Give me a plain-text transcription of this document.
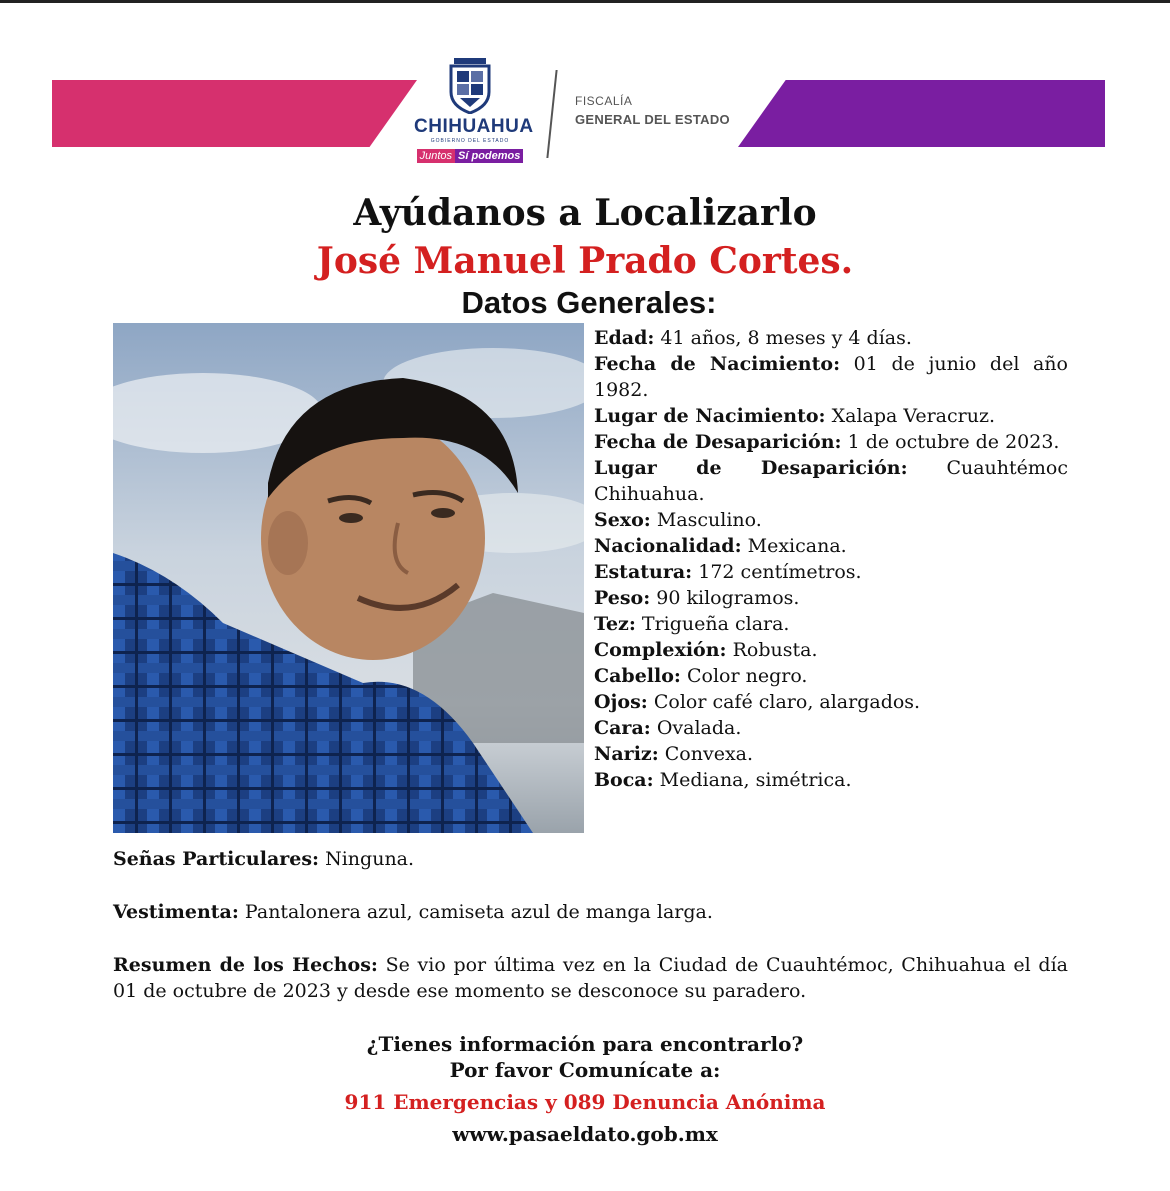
CHIHUAHUA
GOBIERNO DEL ESTADO
Juntos Sí podemos
FISCALÍA
GENERAL DEL ESTADO
Ayúdanos a Localizarlo
José Manuel Prado Cortes.
Datos Generales:

Edad: 41 años, 8 meses y 4 días.

Fecha de Nacimiento: 01 de junio del año 1982.

Lugar de Nacimiento: Xalapa Veracruz.

Fecha de Desaparición: 1 de octubre de 2023.

Lugar de Desaparición: Cuauhtémoc Chihuahua.

Sexo: Masculino.

Nacionalidad: Mexicana.

Estatura: 172 centímetros.

Peso: 90 kilogramos.

Tez: Trigueña clara.

Complexión: Robusta.

Cabello: Color negro.

Ojos: Color café claro, alargados.

Cara: Ovalada.

Nariz: Convexa.

Boca: Mediana, simétrica.

Señas Particulares: Ninguna.
Vestimenta: Pantalonera azul, camiseta azul de manga larga.
Resumen de los Hechos: Se vio por última vez en la Ciudad de Cuauhtémoc, Chihuahua el día 01 de octubre de 2023 y desde ese momento se desconoce su paradero.
¿Tienes información para encontrarlo?
Por favor Comunícate a:
911 Emergencias y 089 Denuncia Anónima
www.pasaeldato.gob.mx
